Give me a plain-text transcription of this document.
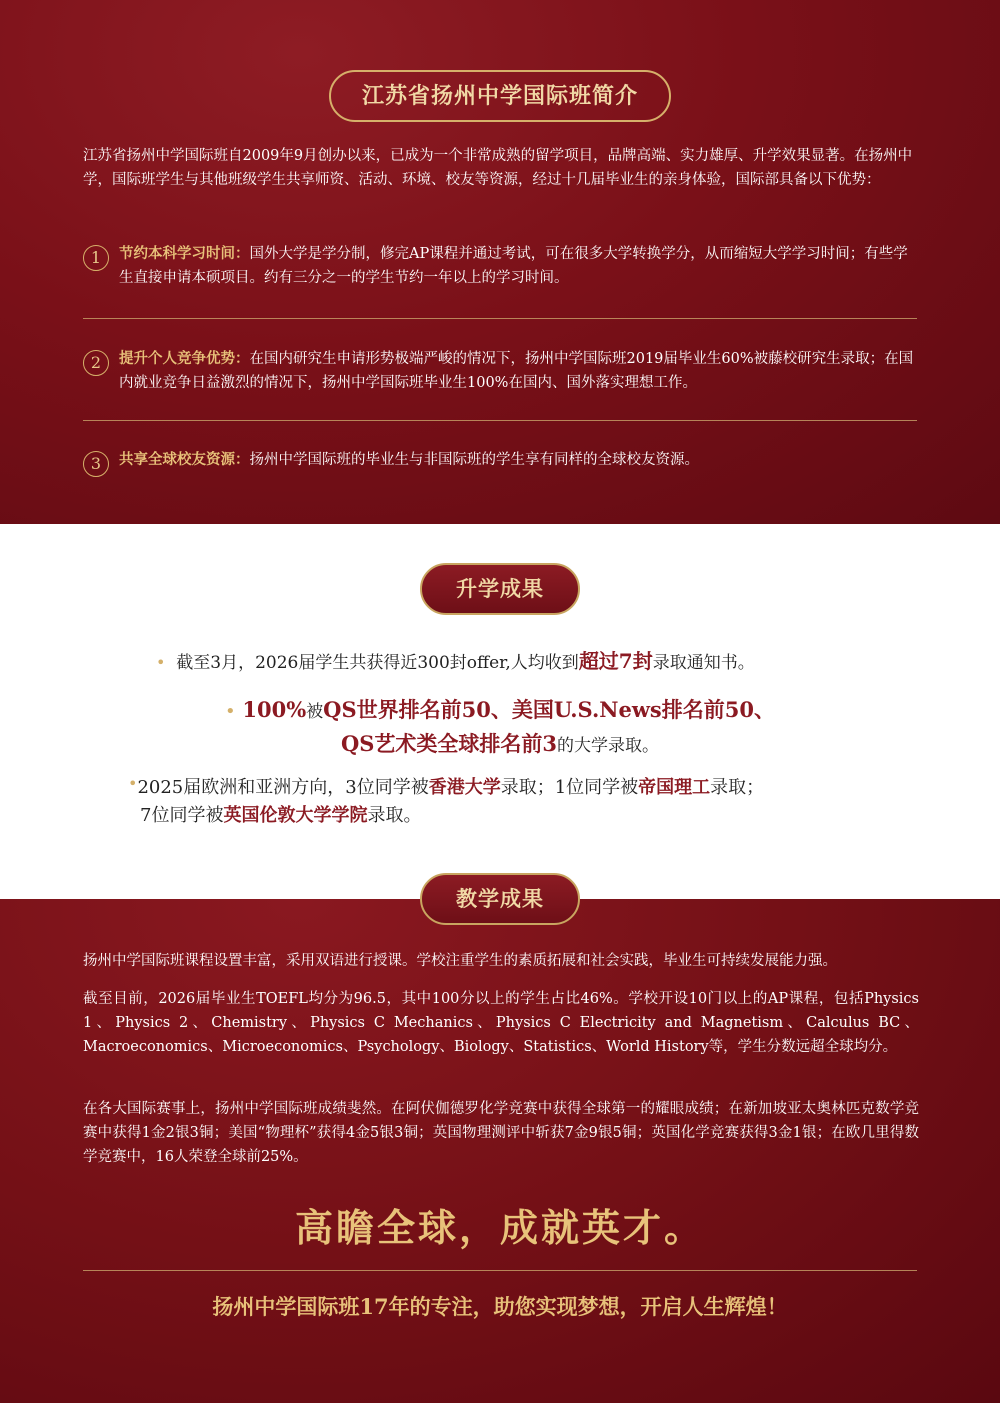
江苏省扬州中学国际班简介
江苏省扬州中学国际班自2009年9月创办以来，已成为一个非常成熟的留学项目，品牌高端、实力雄厚、升学效果显著。在扬州中学，国际班学生与其他班级学生共享师资、活动、环境、校友等资源，经过十几届毕业生的亲身体验，国际部具备以下优势：
1	节约本科学习时间：国外大学是学分制，修完AP课程并通过考试，可在很多大学转换学分，从而缩短大学学习时间；有些学生直接申请本硕项目。约有三分之一的学生节约一年以上的学习时间。
2	提升个人竞争优势：在国内研究生申请形势极端严峻的情况下，扬州中学国际班2019届毕业生60%被藤校研究生录取；在国内就业竞争日益激烈的情况下，扬州中学国际班毕业生100%在国内、国外落实理想工作。
3	共享全球校友资源：扬州中学国际班的毕业生与非国际班的学生享有同样的全球校友资源。
升学成果
• 截至3月，2026届学生共获得近300封offer,人均收到超过7封录取通知书。
• 100%被QS世界排名前50、美国U.S.News排名前50、
QS艺术类全球排名前3的大学录取。
•2025届欧洲和亚洲方向，3位同学被香港大学录取；1位同学被帝国理工录取；
7位同学被英国伦敦大学学院录取。
教学成果
扬州中学国际班课程设置丰富，采用双语进行授课。学校注重学生的素质拓展和社会实践，毕业生可持续发展能力强。
截至目前，2026届毕业生TOEFL均分为96.5，其中100分以上的学生占比46%。学校开设10门以上的AP课程，包括Physics 1、Physics 2、Chemistry、Physics C Mechanics、Physics C Electricity and Magnetism、Calculus BC、Macroeconomics、Microeconomics、Psychology、Biology、Statistics、World History等，学生分数远超全球均分。
在各大国际赛事上，扬州中学国际班成绩斐然。在阿伏伽德罗化学竞赛中获得全球第一的耀眼成绩；在新加坡亚太奥林匹克数学竞赛中获得1金2银3铜；美国“物理杯”获得4金5银3铜；英国物理测评中斩获7金9银5铜；英国化学竞赛获得3金1银；在欧几里得数学竞赛中，16人荣登全球前25%。
高瞻全球，成就英才。
扬州中学国际班17年的专注，助您实现梦想，开启人生辉煌！
